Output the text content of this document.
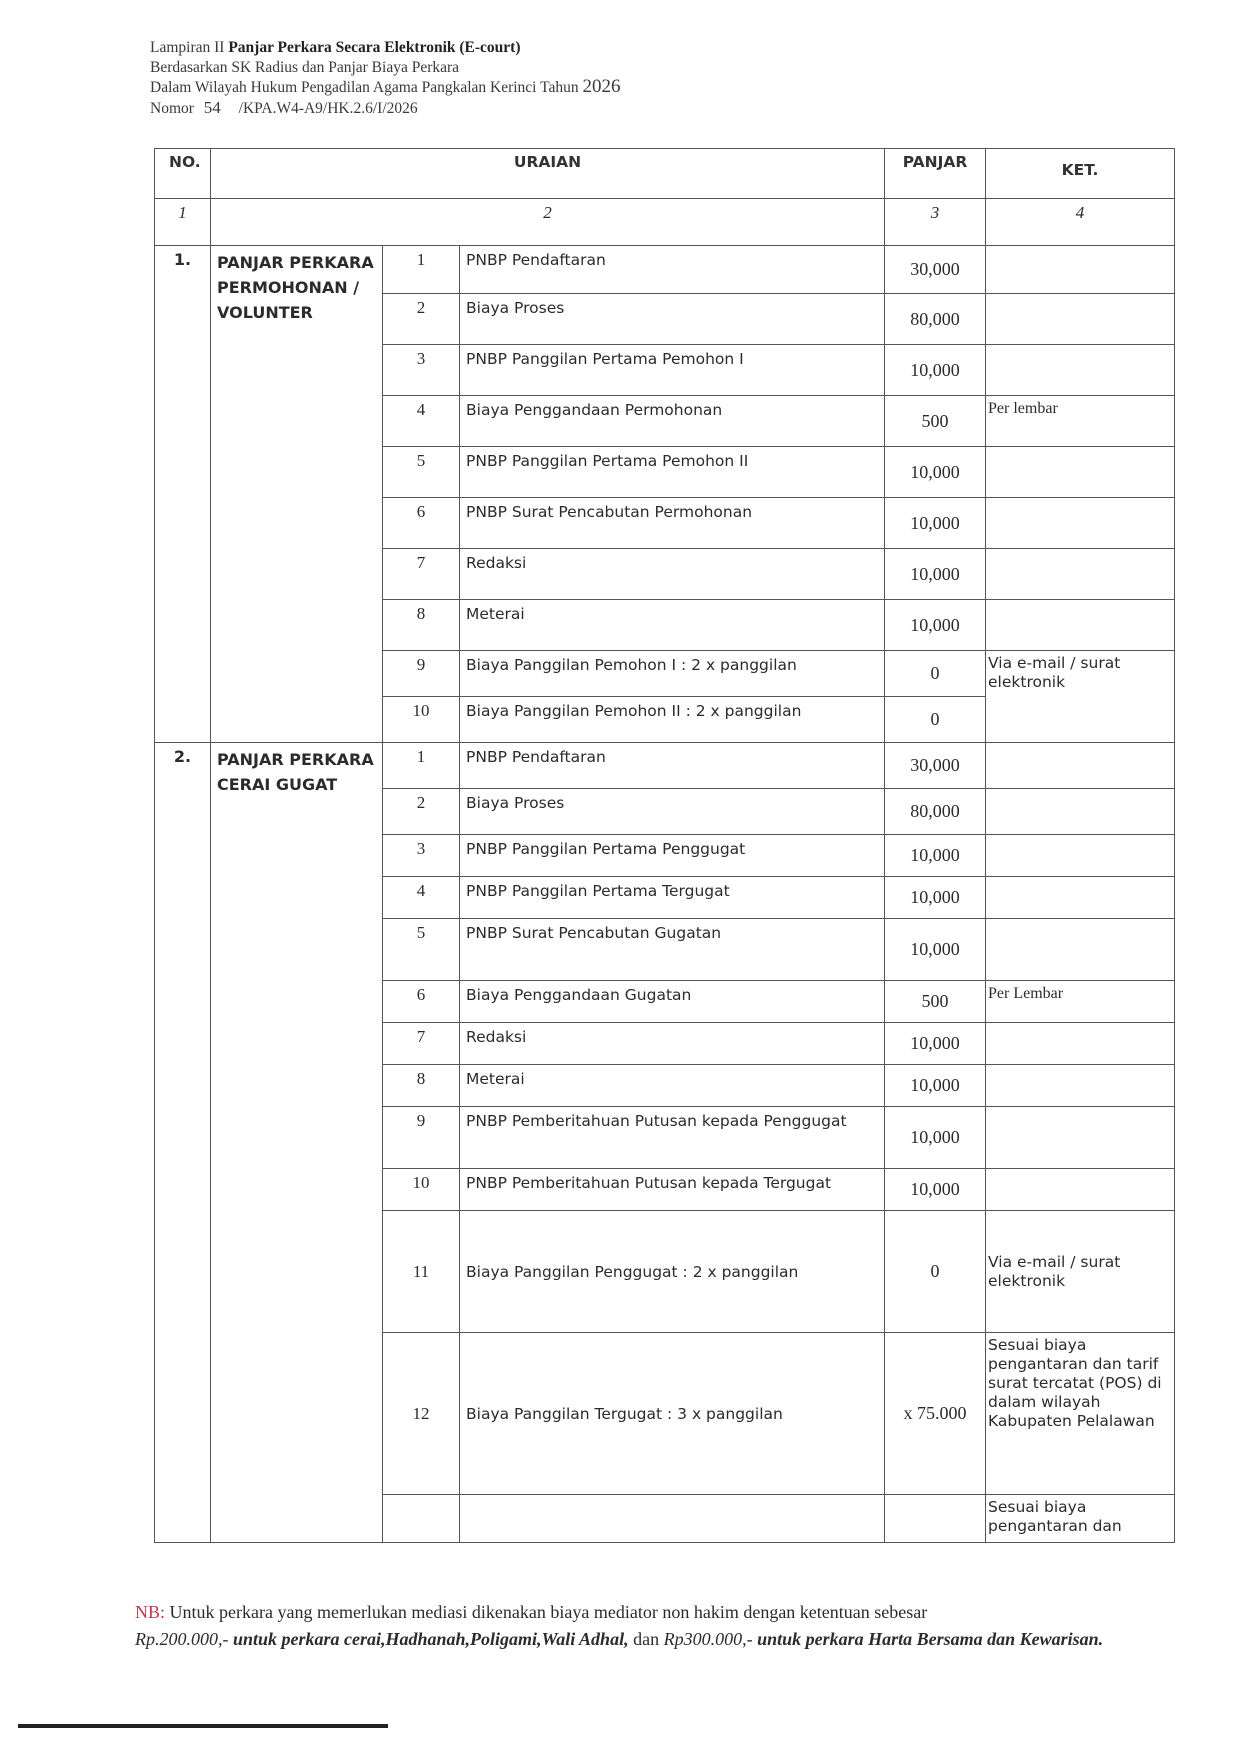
Lampiran II Panjar Perkara Secara Elektronik (E-court)
Berdasarkan SK Radius dan Panjar Biaya Perkara
Dalam Wilayah Hukum Pengadilan Agama Pangkalan Kerinci Tahun 2026
Nomor 54 /KPA.W4-A9/HK.2.6/I/2026
NO.	URAIAN			PANJAR	KET.
1	2			3	4
1.	PANJAR PERKARA PERMOHONAN / VOLUNTER	1	PNBP Pendaftaran	30,000	
		2	Biaya Proses	80,000	
		3	PNBP Panggilan Pertama Pemohon I	10,000	
		4	Biaya Penggandaan Permohonan	500	Per lembar
		5	PNBP Panggilan Pertama Pemohon II	10,000	
		6	PNBP Surat Pencabutan Permohonan	10,000	
		7	Redaksi	10,000	
		8	Meterai	10,000	
		9	Biaya Panggilan Pemohon I : 2 x panggilan	0	Via e-mail / surat elektronik
		10	Biaya Panggilan Pemohon II : 2 x panggilan	0	
2.	PANJAR PERKARA CERAI GUGAT	1	PNBP Pendaftaran	30,000	
		2	Biaya Proses	80,000	
		3	PNBP Panggilan Pertama Penggugat	10,000	
		4	PNBP Panggilan Pertama Tergugat	10,000	
		5	PNBP Surat Pencabutan Gugatan	10,000	
		6	Biaya Penggandaan Gugatan	500	Per Lembar
		7	Redaksi	10,000	
		8	Meterai	10,000	
		9	PNBP Pemberitahuan Putusan kepada Penggugat	10,000	
		10	PNBP Pemberitahuan Putusan kepada Tergugat	10,000	
		11	Biaya Panggilan Penggugat : 2 x panggilan	0	Via e-mail / surat elektronik
		12	Biaya Panggilan Tergugat : 3 x panggilan	x 75.000	Sesuai biaya pengantaran dan tarif surat tercatat (POS) di dalam wilayah Kabupaten Pelalawan
					Sesuai biaya pengantaran dan
NB: Untuk perkara yang memerlukan mediasi dikenakan biaya mediator non hakim dengan ketentuan sebesar
Rp.200.000,- untuk perkara cerai,Hadhanah,Poligami,Wali Adhal, dan Rp300.000,- untuk perkara Harta Bersama dan Kewarisan.
